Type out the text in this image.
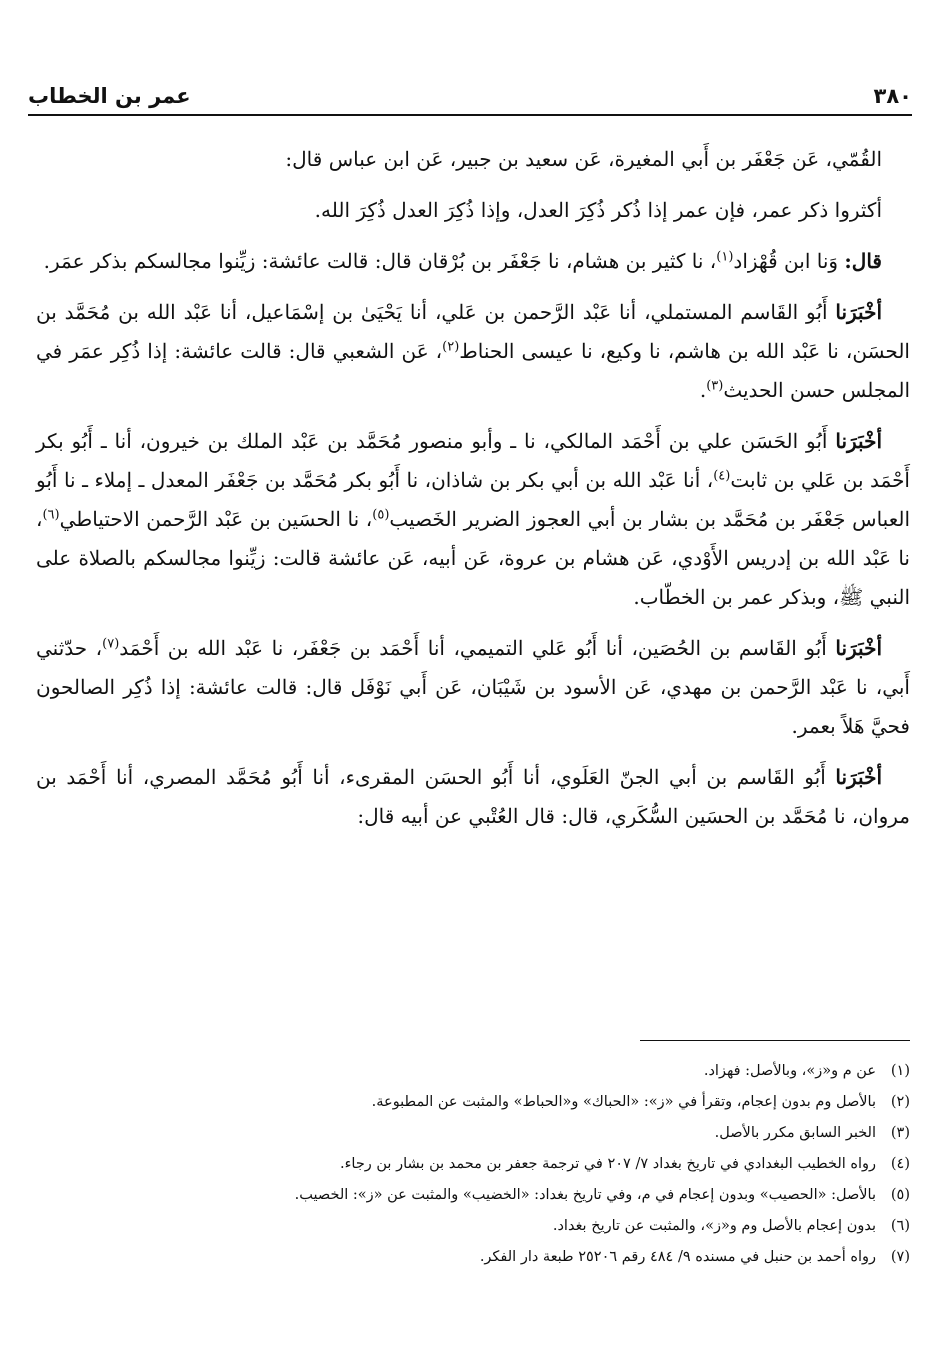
٣٨٠
عمر بن الخطاب

القُمّي، عَن جَعْفَر بن أَبي المغيرة، عَن سعيد بن جبير، عَن ابن عباس قال:

أكثروا ذكر عمر، فإن عمر إذا ذُكر ذُكِرَ العدل، وإذا ذُكِرَ العدل ذُكِرَ الله.

قال: وَنا ابن قُهْزاد$^{(١)}$، نا كثير بن هشام، نا جَعْفَر بن بُرْقان قال: قالت عائشة: زيِّنوا مجالسكم بذكر عمَر.

أخْبَرَنا أَبُو القَاسم المستملي، أنا عَبْد الرَّحمن بن عَلي، أنا يَحْيَىٰ بن إسْمَاعيل، أنا عَبْد الله بن مُحَمَّد بن الحسَن، نا عَبْد الله بن هاشم، نا وكيع، نا عيسى الحناط$^{(٢)}$، عَن الشعبي قال: قالت عائشة: إذا ذُكِر عمَر في المجلس حسن الحديث$^{(٣)}$.

أخْبَرَنا أَبُو الحَسَن علي بن أَحْمَد المالكي، نا ـ وأبو منصور مُحَمَّد بن عَبْد الملك بن خيرون، أنا ـ أَبُو بكر أَحْمَد بن عَلي بن ثابت$^{(٤)}$، أنا عَبْد الله بن أبي بكر بن شاذان، نا أَبُو بكر مُحَمَّد بن جَعْفَر المعدل ـ إملاء ـ نا أَبُو العباس جَعْفَر بن مُحَمَّد بن بشار بن أبي العجوز الضرير الخَصيب$^{(٥)}$، نا الحسَين بن عَبْد الرَّحمن الاحتياطي$^{(٦)}$، نا عَبْد الله بن إدريس الأَوْدي، عَن هشام بن عروة، عَن أبيه، عَن عائشة قالت: زيِّنوا مجالسكم بالصلاة على النبي ﷺ، وبذكر عمر بن الخطّاب.

أخْبَرَنا أَبُو القَاسم بن الحُصَين، أنا أَبُو عَلي التميمي، أنا أَحْمَد بن جَعْفَر، نا عَبْد الله بن أَحْمَد$^{(٧)}$، حدّثني أَبي، نا عَبْد الرَّحمن بن مهدي، عَن الأسود بن شَيْبَان، عَن أَبي نَوْفَل قال: قالت عائشة: إذا ذُكِر الصالحون فحيَّ هَلاً بعمر.

أخْبَرَنا أَبُو القَاسم بن أبي الجنّ العَلَوي، أنا أَبُو الحسَن المقرىء، أنا أَبُو مُحَمَّد المصري، أنا أَحْمَد بن مروان، نا مُحَمَّد بن الحسَين السُّكَري، قال: قال العُتْبي عن أبيه قال:

(١)
عن م و«ز»، وبالأصل: فهزاد.
(٢)
بالأصل وم بدون إعجام، وتقرأ في «ز»: «الحباك» و«الحباط» والمثبت عن المطبوعة.
(٣)
الخبر السابق مكرر بالأصل.
(٤)
رواه الخطيب البغدادي في تاريخ بغداد ٧/ ٢٠٧ في ترجمة جعفر بن محمد بن بشار بن رجاء.
(٥)
بالأصل: «الحصيب» وبدون إعجام في م، وفي تاريخ بغداد: «الخضيب» والمثبت عن «ز»: الخصيب.
(٦)
بدون إعجام بالأصل وم و«ز»، والمثبت عن تاريخ بغداد.
(٧)
رواه أحمد بن حنبل في مسنده ٩/ ٤٨٤ رقم ٢٥٢٠٦ طبعة دار الفكر.
